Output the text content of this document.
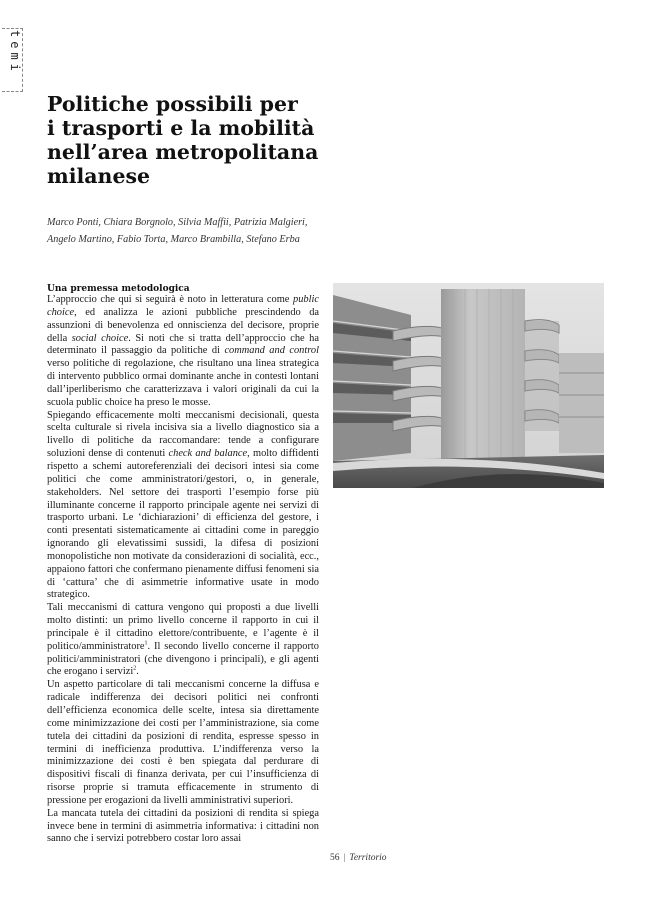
temi
Politiche possibili per
i trasporti e la mobilità
nell’area metropolitana
milanese
Marco Ponti, Chiara Borgnolo, Silvia Maffii, Patrizia Malgieri,
Angelo Martino, Fabio Torta, Marco Brambilla, Stefano Erba
Una premessa metodologica

L’approccio che qui si seguirà è noto in letteratura come public choice, ed analizza le azioni pubbliche prescindendo da assunzioni di benevolenza ed onniscienza del decisore, proprie della social choice. Si noti che si tratta dell’approccio che ha determinato il passaggio da politiche di command and control verso politiche di regolazione, che risultano una linea strategica di intervento pubblico ormai dominante anche in contesti lontani dall’iperliberismo che caratterizzava i valori originali da cui la scuola public choice ha preso le mosse.

Spiegando efficacemente molti meccanismi decisionali, questa scelta culturale si rivela incisiva sia a livello diagnostico sia a livello di politiche da raccomandare: tende a configurare soluzioni dense di contenuti check and balance, molto diffidenti rispetto a schemi autoreferenziali dei decisori intesi sia come politici che come amministratori/gestori, o, in generale, stakeholders. Nel settore dei trasporti l’esempio forse più illuminante concerne il rapporto principale agente nei servizi di trasporto urbani. Le ‘dichiarazioni’ di efficienza del gestore, i conti presentati sistematicamente ai cittadini come in pareggio ignorando gli elevatissimi sussidi, la difesa di posizioni monopolistiche non motivate da considerazioni di socialità, ecc., appaiono fattori che confermano pienamente diffusi fenomeni sia di ‘cattura’ che di asimmetrie informative usate in modo strategico.

Tali meccanismi di cattura vengono qui proposti a due livelli molto distinti: un primo livello concerne il rapporto in cui il principale è il cittadino elettore/contribuente, e l’agente è il politico/amministratore$^1$. Il secondo livello concerne il rapporto politici/amministratori (che divengono i principali), e gli agenti che erogano i servizi$^2$.

Un aspetto particolare di tali meccanismi concerne la diffusa e radicale indifferenza dei decisori politici nei confronti dell’efficienza economica delle scelte, intesa sia direttamente come minimizzazione dei costi per l’amministrazione, sia come tutela dei cittadini da posizioni di rendita, espresse spesso in termini di inefficienza produttiva. L’indifferenza verso la minimizzazione dei costi è ben spiegata dal perdurare di dispositivi fiscali di finanza derivata, per cui l’insufficienza di risorse proprie si tramuta efficacemente in strumento di pressione per erogazioni da livelli amministrativi superiori.

La mancata tutela dei cittadini da posizioni di rendita si spiega invece bene in termini di asimmetria informativa: i cittadini non sanno che i servizi potrebbero costar loro assai

56 | Territorio
